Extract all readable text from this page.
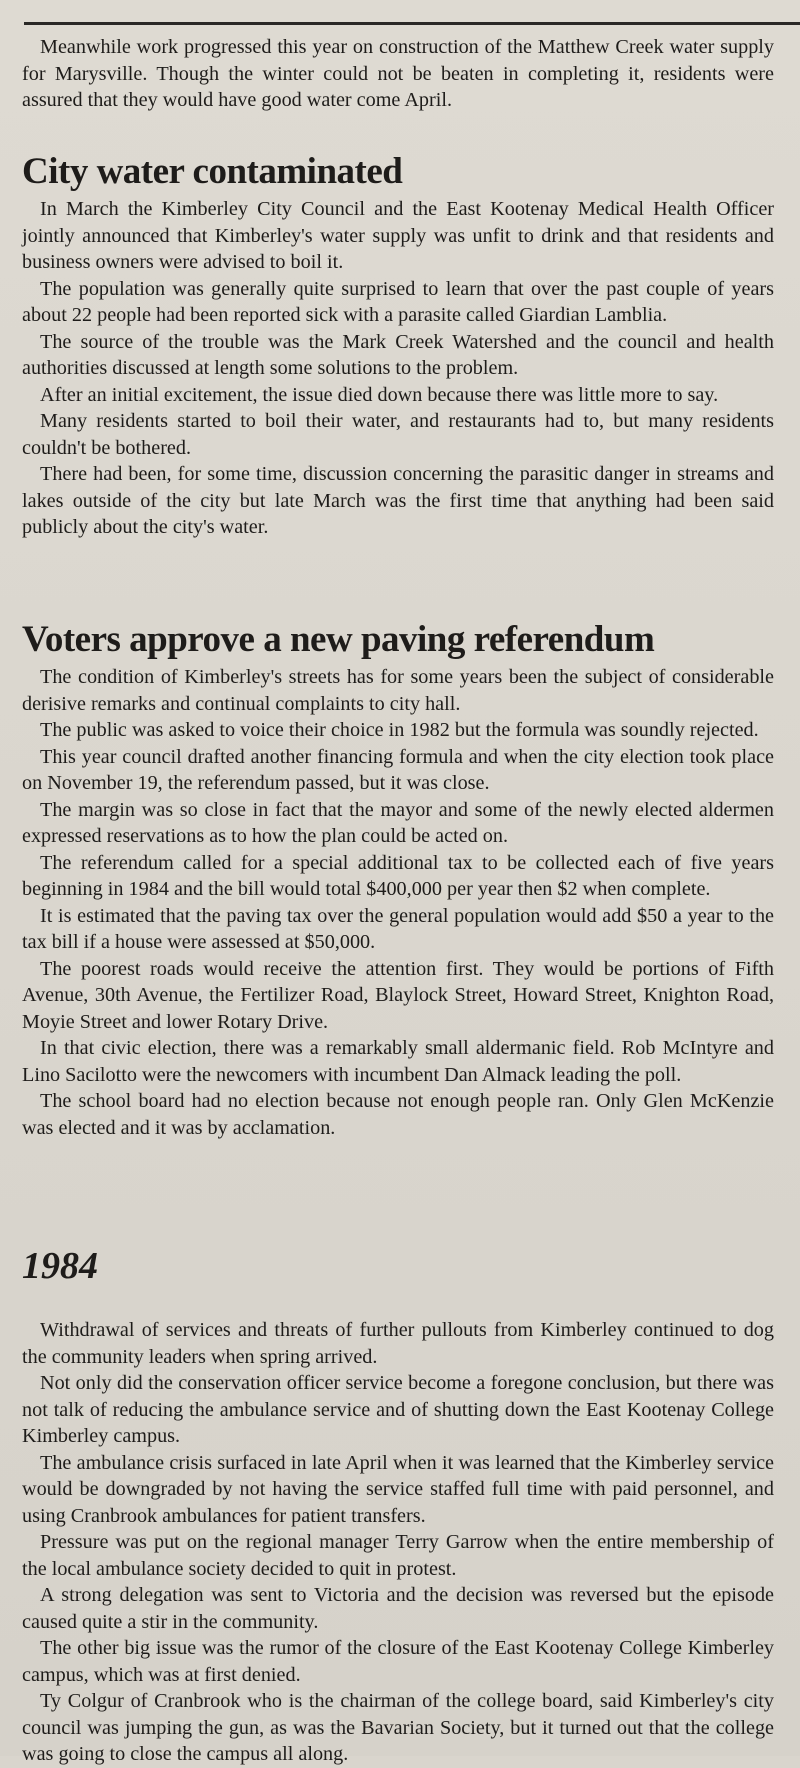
Meanwhile work progressed this year on construction of the Matthew Creek water supply for Marysville. Though the winter could not be beaten in completing it, residents were assured that they would have good water come April.

City water contaminated

In March the Kimberley City Council and the East Kootenay Medical Health Officer jointly announced that Kimberley's water supply was unfit to drink and that residents and business owners were advised to boil it.

The population was generally quite surprised to learn that over the past couple of years about 22 people had been reported sick with a parasite called Giardian Lamblia.

The source of the trouble was the Mark Creek Watershed and the council and health authorities discussed at length some solutions to the problem.

After an initial excitement, the issue died down because there was little more to say.

Many residents started to boil their water, and restaurants had to, but many residents couldn't be bothered.

There had been, for some time, discussion concerning the parasitic danger in streams and lakes outside of the city but late March was the first time that anything had been said publicly about the city's water.

Voters approve a new paving referendum

The condition of Kimberley's streets has for some years been the subject of considerable derisive remarks and continual complaints to city hall.

The public was asked to voice their choice in 1982 but the formula was soundly rejected.

This year council drafted another financing formula and when the city election took place on November 19, the referendum passed, but it was close.

The margin was so close in fact that the mayor and some of the newly elected aldermen expressed reservations as to how the plan could be acted on.

The referendum called for a special additional tax to be collected each of five years beginning in 1984 and the bill would total $400,000 per year then $2 when complete.

It is estimated that the paving tax over the general population would add $50 a year to the tax bill if a house were assessed at $50,000.

The poorest roads would receive the attention first. They would be portions of Fifth Avenue, 30th Avenue, the Fertilizer Road, Blaylock Street, Howard Street, Knighton Road, Moyie Street and lower Rotary Drive.

In that civic election, there was a remarkably small aldermanic field. Rob McIntyre and Lino Sacilotto were the newcomers with incumbent Dan Almack leading the poll.

The school board had no election because not enough people ran. Only Glen McKenzie was elected and it was by acclamation.

1984

Withdrawal of services and threats of further pullouts from Kimberley continued to dog the community leaders when spring arrived.

Not only did the conservation officer service become a foregone conclusion, but there was not talk of reducing the ambulance service and of shutting down the East Kootenay College Kimberley campus.

The ambulance crisis surfaced in late April when it was learned that the Kimberley service would be downgraded by not having the service staffed full time with paid personnel, and using Cranbrook ambulances for patient transfers.

Pressure was put on the regional manager Terry Garrow when the entire membership of the local ambulance society decided to quit in protest.

A strong delegation was sent to Victoria and the decision was reversed but the episode caused quite a stir in the community.

The other big issue was the rumor of the closure of the East Kootenay College Kimberley campus, which was at first denied.

Ty Colgur of Cranbrook who is the chairman of the college board, said Kimberley's city council was jumping the gun, as was the Bavarian Society, but it turned out that the college was going to close the campus all along.
